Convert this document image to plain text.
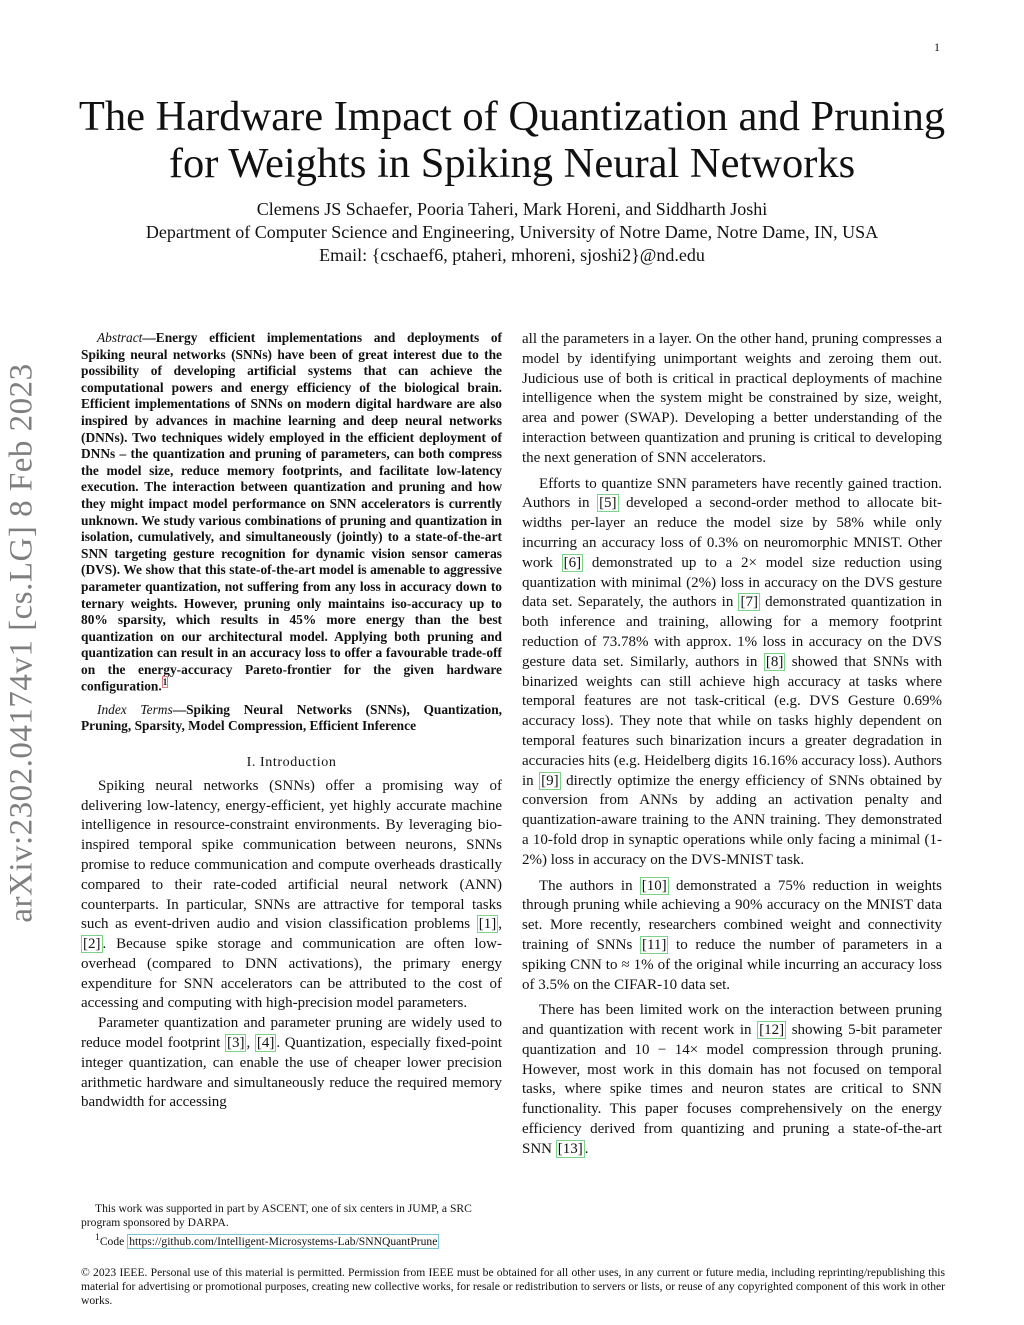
1
arXiv:2302.04174v1 [cs.LG] 8 Feb 2023
The Hardware Impact of Quantization and Pruning
for Weights in Spiking Neural Networks
Clemens JS Schaefer, Pooria Taheri, Mark Horeni, and Siddharth Joshi
Department of Computer Science and Engineering, University of Notre Dame, Notre Dame, IN, USA
Email: {cschaef6, ptaheri, mhoreni, sjoshi2}@nd.edu

Abstract—Energy efficient implementations and deployments of Spiking neural networks (SNNs) have been of great interest due to the possibility of developing artificial systems that can achieve the computational powers and energy efficiency of the biological brain. Efficient implementations of SNNs on modern digital hardware are also inspired by advances in machine learning and deep neural networks (DNNs). Two techniques widely employed in the efficient deployment of DNNs – the quantization and pruning of parameters, can both compress the model size, reduce memory footprints, and facilitate low-latency execution. The interaction between quantization and pruning and how they might impact model performance on SNN accelerators is currently unknown. We study various combinations of pruning and quantization in isolation, cumulatively, and simultaneously (jointly) to a state-of-the-art SNN targeting gesture recognition for dynamic vision sensor cameras (DVS). We show that this state-of-the-art model is amenable to aggressive parameter quantization, not suffering from any loss in accuracy down to ternary weights. However, pruning only maintains iso-accuracy up to 80% sparsity, which results in 45% more energy than the best quantization on our architectural model. Applying both pruning and quantization can result in an accuracy loss to offer a favourable trade-off on the energy-accuracy Pareto-frontier for the given hardware configuration.$^1$

Index Terms—Spiking Neural Networks (SNNs), Quantization, Pruning, Sparsity, Model Compression, Efficient Inference

I. Introduction

Spiking neural networks (SNNs) offer a promising way of delivering low-latency, energy-efficient, yet highly accurate machine intelligence in resource-constraint environments. By leveraging bio-inspired temporal spike communication between neurons, SNNs promise to reduce communication and compute overheads drastically compared to their rate-coded artificial neural network (ANN) counterparts. In particular, SNNs are attractive for temporal tasks such as event-driven audio and vision classification problems [1] , [2] . Because spike storage and communication are often low-overhead (compared to DNN activations), the primary energy expenditure for SNN accelerators can be attributed to the cost of accessing and computing with high-precision model parameters.

Parameter quantization and parameter pruning are widely used to reduce model footprint [3] , [4] . Quantization, especially fixed-point integer quantization, can enable the use of cheaper lower precision arithmetic hardware and simultaneously reduce the required memory bandwidth for accessing

This work was supported in part by ASCENT, one of six centers in JUMP, a SRC program sponsored by DARPA.

$^1$Code https://github.com/Intelligent-Microsystems-Lab/SNNQuantPrune

all the parameters in a layer. On the other hand, pruning compresses a model by identifying unimportant weights and zeroing them out. Judicious use of both is critical in practical deployments of machine intelligence when the system might be constrained by size, weight, area and power (SWAP). Developing a better understanding of the interaction between quantization and pruning is critical to developing the next generation of SNN accelerators.

Efforts to quantize SNN parameters have recently gained traction. Authors in [5] developed a second-order method to allocate bit-widths per-layer an reduce the model size by 58% while only incurring an accuracy loss of 0.3% on neuromorphic MNIST. Other work [6] demonstrated up to a 2× model size reduction using quantization with minimal (2%) loss in accuracy on the DVS gesture data set. Separately, the authors in [7] demonstrated quantization in both inference and training, allowing for a memory footprint reduction of 73.78% with approx. 1% loss in accuracy on the DVS gesture data set. Similarly, authors in [8] showed that SNNs with binarized weights can still achieve high accuracy at tasks where temporal features are not task-critical (e.g. DVS Gesture 0.69% accuracy loss). They note that while on tasks highly dependent on temporal features such binarization incurs a greater degradation in accuracies hits (e.g. Heidelberg digits 16.16% accuracy loss). Authors in [9] directly optimize the energy efficiency of SNNs obtained by conversion from ANNs by adding an activation penalty and quantization-aware training to the ANN training. They demonstrated a 10-fold drop in synaptic operations while only facing a minimal (1-2%) loss in accuracy on the DVS-MNIST task.

The authors in [10] demonstrated a 75% reduction in weights through pruning while achieving a 90% accuracy on the MNIST data set. More recently, researchers combined weight and connectivity training of SNNs [11] to reduce the number of parameters in a spiking CNN to ≈ 1% of the original while incurring an accuracy loss of 3.5% on the CIFAR-10 data set.

There has been limited work on the interaction between pruning and quantization with recent work in [12] showing 5-bit parameter quantization and 10 − 14× model compression through pruning. However, most work in this domain has not focused on temporal tasks, where spike times and neuron states are critical to SNN functionality. This paper focuses comprehensively on the energy efficiency derived from quantizing and pruning a state-of-the-art SNN [13] .

© 2023 IEEE. Personal use of this material is permitted. Permission from IEEE must be obtained for all other uses, in any current or future media, including reprinting/republishing this material for advertising or promotional purposes, creating new collective works, for resale or redistribution to servers or lists, or reuse of any copyrighted component of this work in other works.
